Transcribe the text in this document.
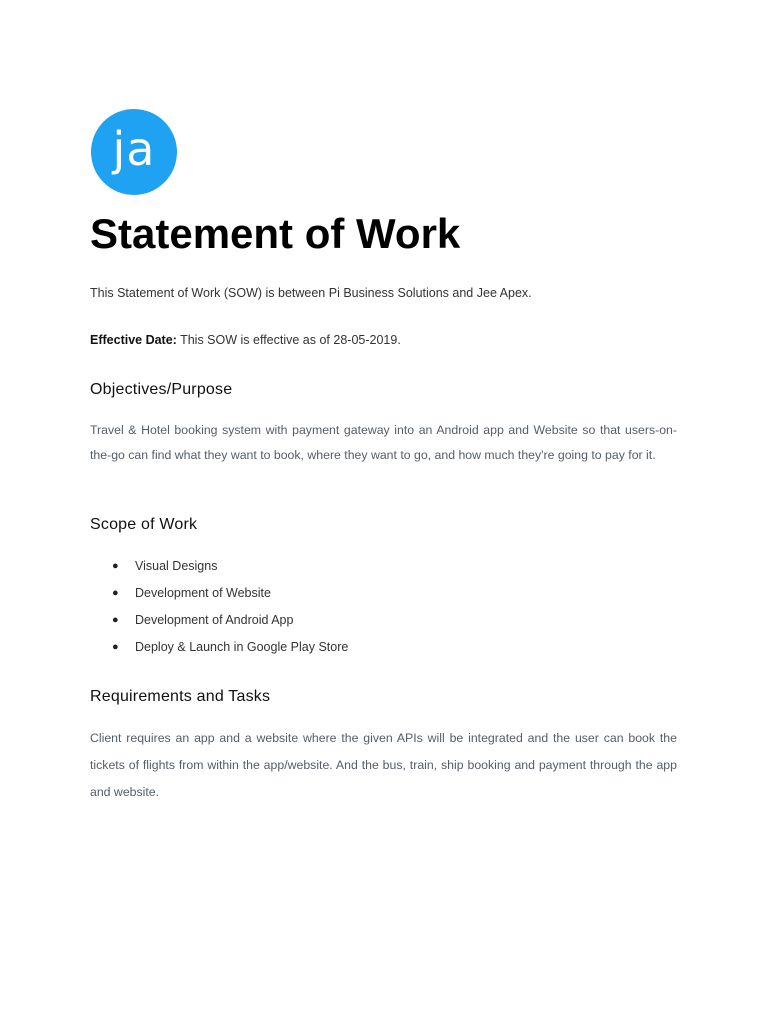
ja
Statement of Work
This Statement of Work (SOW) is between Pi Business Solutions and Jee Apex.
Effective Date: This SOW is effective as of 28-05-2019.
Objectives/Purpose

Travel & Hotel booking system with payment gateway into an Android app and Website so that users-on-the-go can find what they want to book, where they want to go, and how much they're going to pay for it.

Scope of Work
● Visual Designs
● Development of Website
● Development of Android App
● Deploy & Launch in Google Play Store
Requirements and Tasks

Client requires an app and a website where the given APIs will be integrated and the user can book the tickets of flights from within the app/website. And the bus, train, ship booking and payment through the app and website.
